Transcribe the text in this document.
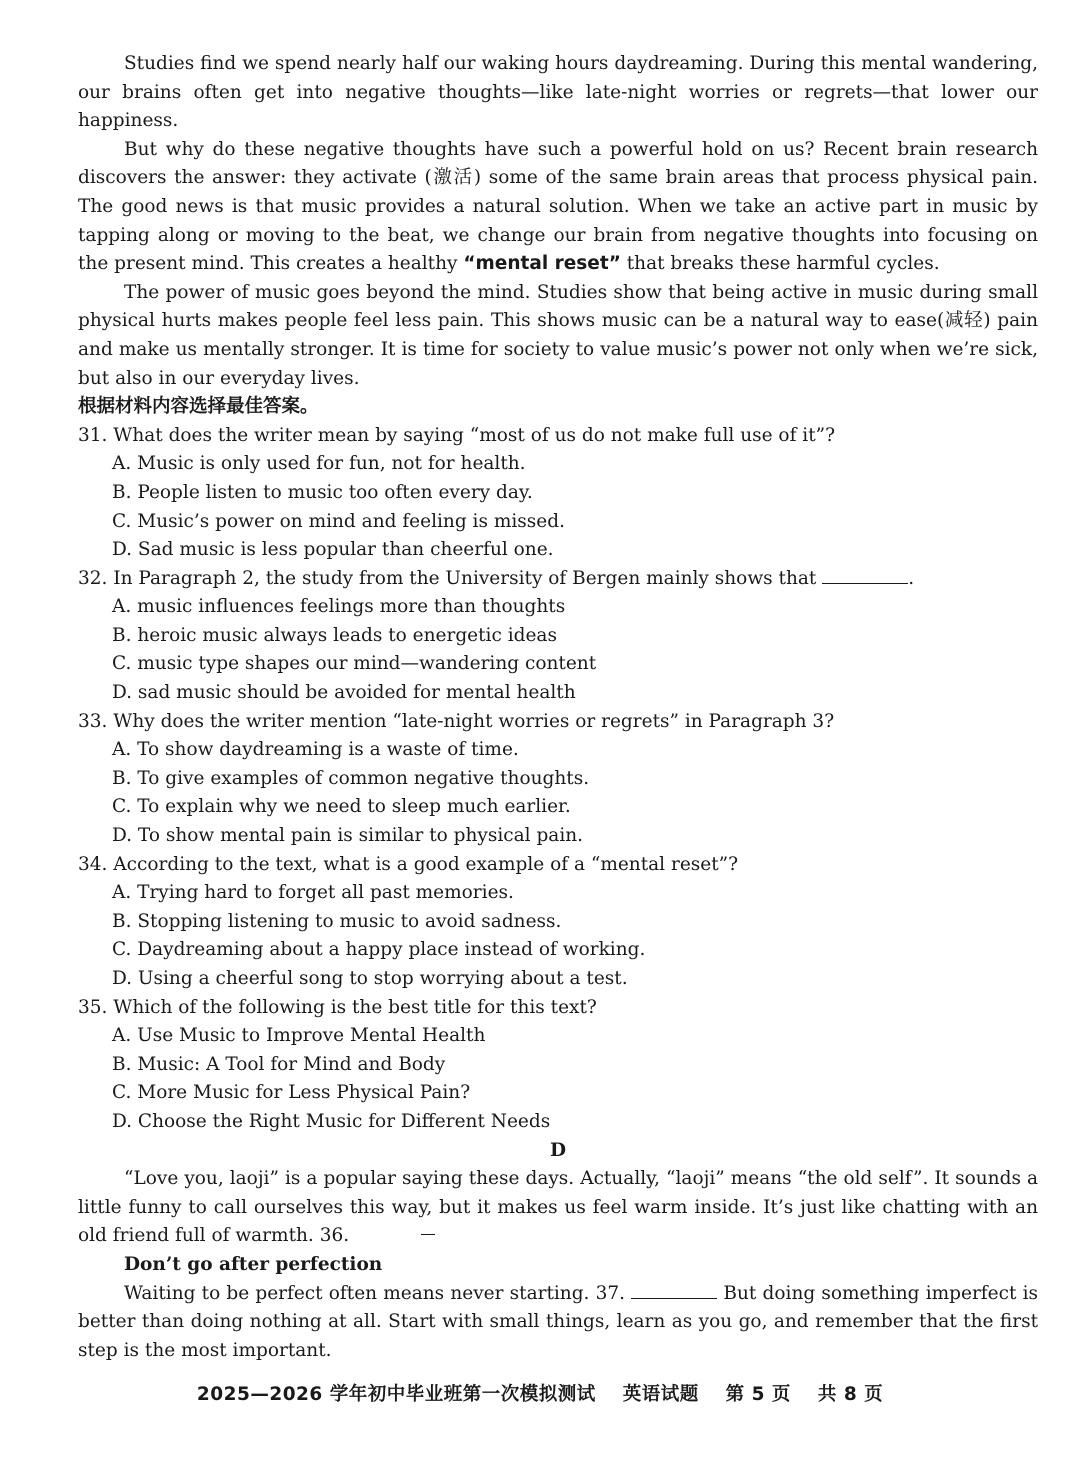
Studies find we spend nearly half our waking hours daydreaming. During this mental wandering, our brains often get into negative thoughts—like late-night worries or regrets—that lower our happiness.

But why do these negative thoughts have such a powerful hold on us? Recent brain research discovers the answer: they activate (激活) some of the same brain areas that process physical pain. The good news is that music provides a natural solution. When we take an active part in music by tapping along or moving to the beat, we change our brain from negative thoughts into focusing on the present mind. This creates a healthy “mental reset” that breaks these harmful cycles.

The power of music goes beyond the mind. Studies show that being active in music during small physical hurts makes people feel less pain. This shows music can be a natural way to ease(减轻) pain and make us mentally stronger. It is time for society to value music’s power not only when we’re sick, but also in our everyday lives.

根据材料内容选择最佳答案。

31. What does the writer mean by saying “most of us do not make full use of it”?

A. Music is only used for fun, not for health.

B. People listen to music too often every day.

C. Music’s power on mind and feeling is missed.

D. Sad music is less popular than cheerful one.

32. In Paragraph 2, the study from the University of Bergen mainly shows that	.

A. music influences feelings more than thoughts

B. heroic music always leads to energetic ideas

C. music type shapes our mind—wandering content

D. sad music should be avoided for mental health

33. Why does the writer mention “late-night worries or regrets” in Paragraph 3?

A. To show daydreaming is a waste of time.

B. To give examples of common negative thoughts.

C. To explain why we need to sleep much earlier.

D. To show mental pain is similar to physical pain.

34. According to the text, what is a good example of a “mental reset”?

A. Trying hard to forget all past memories.

B. Stopping listening to music to avoid sadness.

C. Daydreaming about a happy place instead of working.

D. Using a cheerful song to stop worrying about a test.

35. Which of the following is the best title for this text?

A. Use Music to Improve Mental Health

B. Music: A Tool for Mind and Body

C. More Music for Less Physical Pain?

D. Choose the Right Music for Different Needs

D

“Love you, laoji” is a popular saying these days. Actually, “laoji” means “the old self”. It sounds a little funny to call ourselves this way, but it makes us feel warm inside. It’s just like chatting with an old friend full of warmth. 36.

Don’t go after perfection

Waiting to be perfect often means never starting. 37.	But doing something imperfect is better than doing nothing at all. Start with small things, learn as you go, and remember that the first step is the most important.

2025—2026 学年初中毕业班第一次模拟测试 英语试题 第 5 页 共 8 页
